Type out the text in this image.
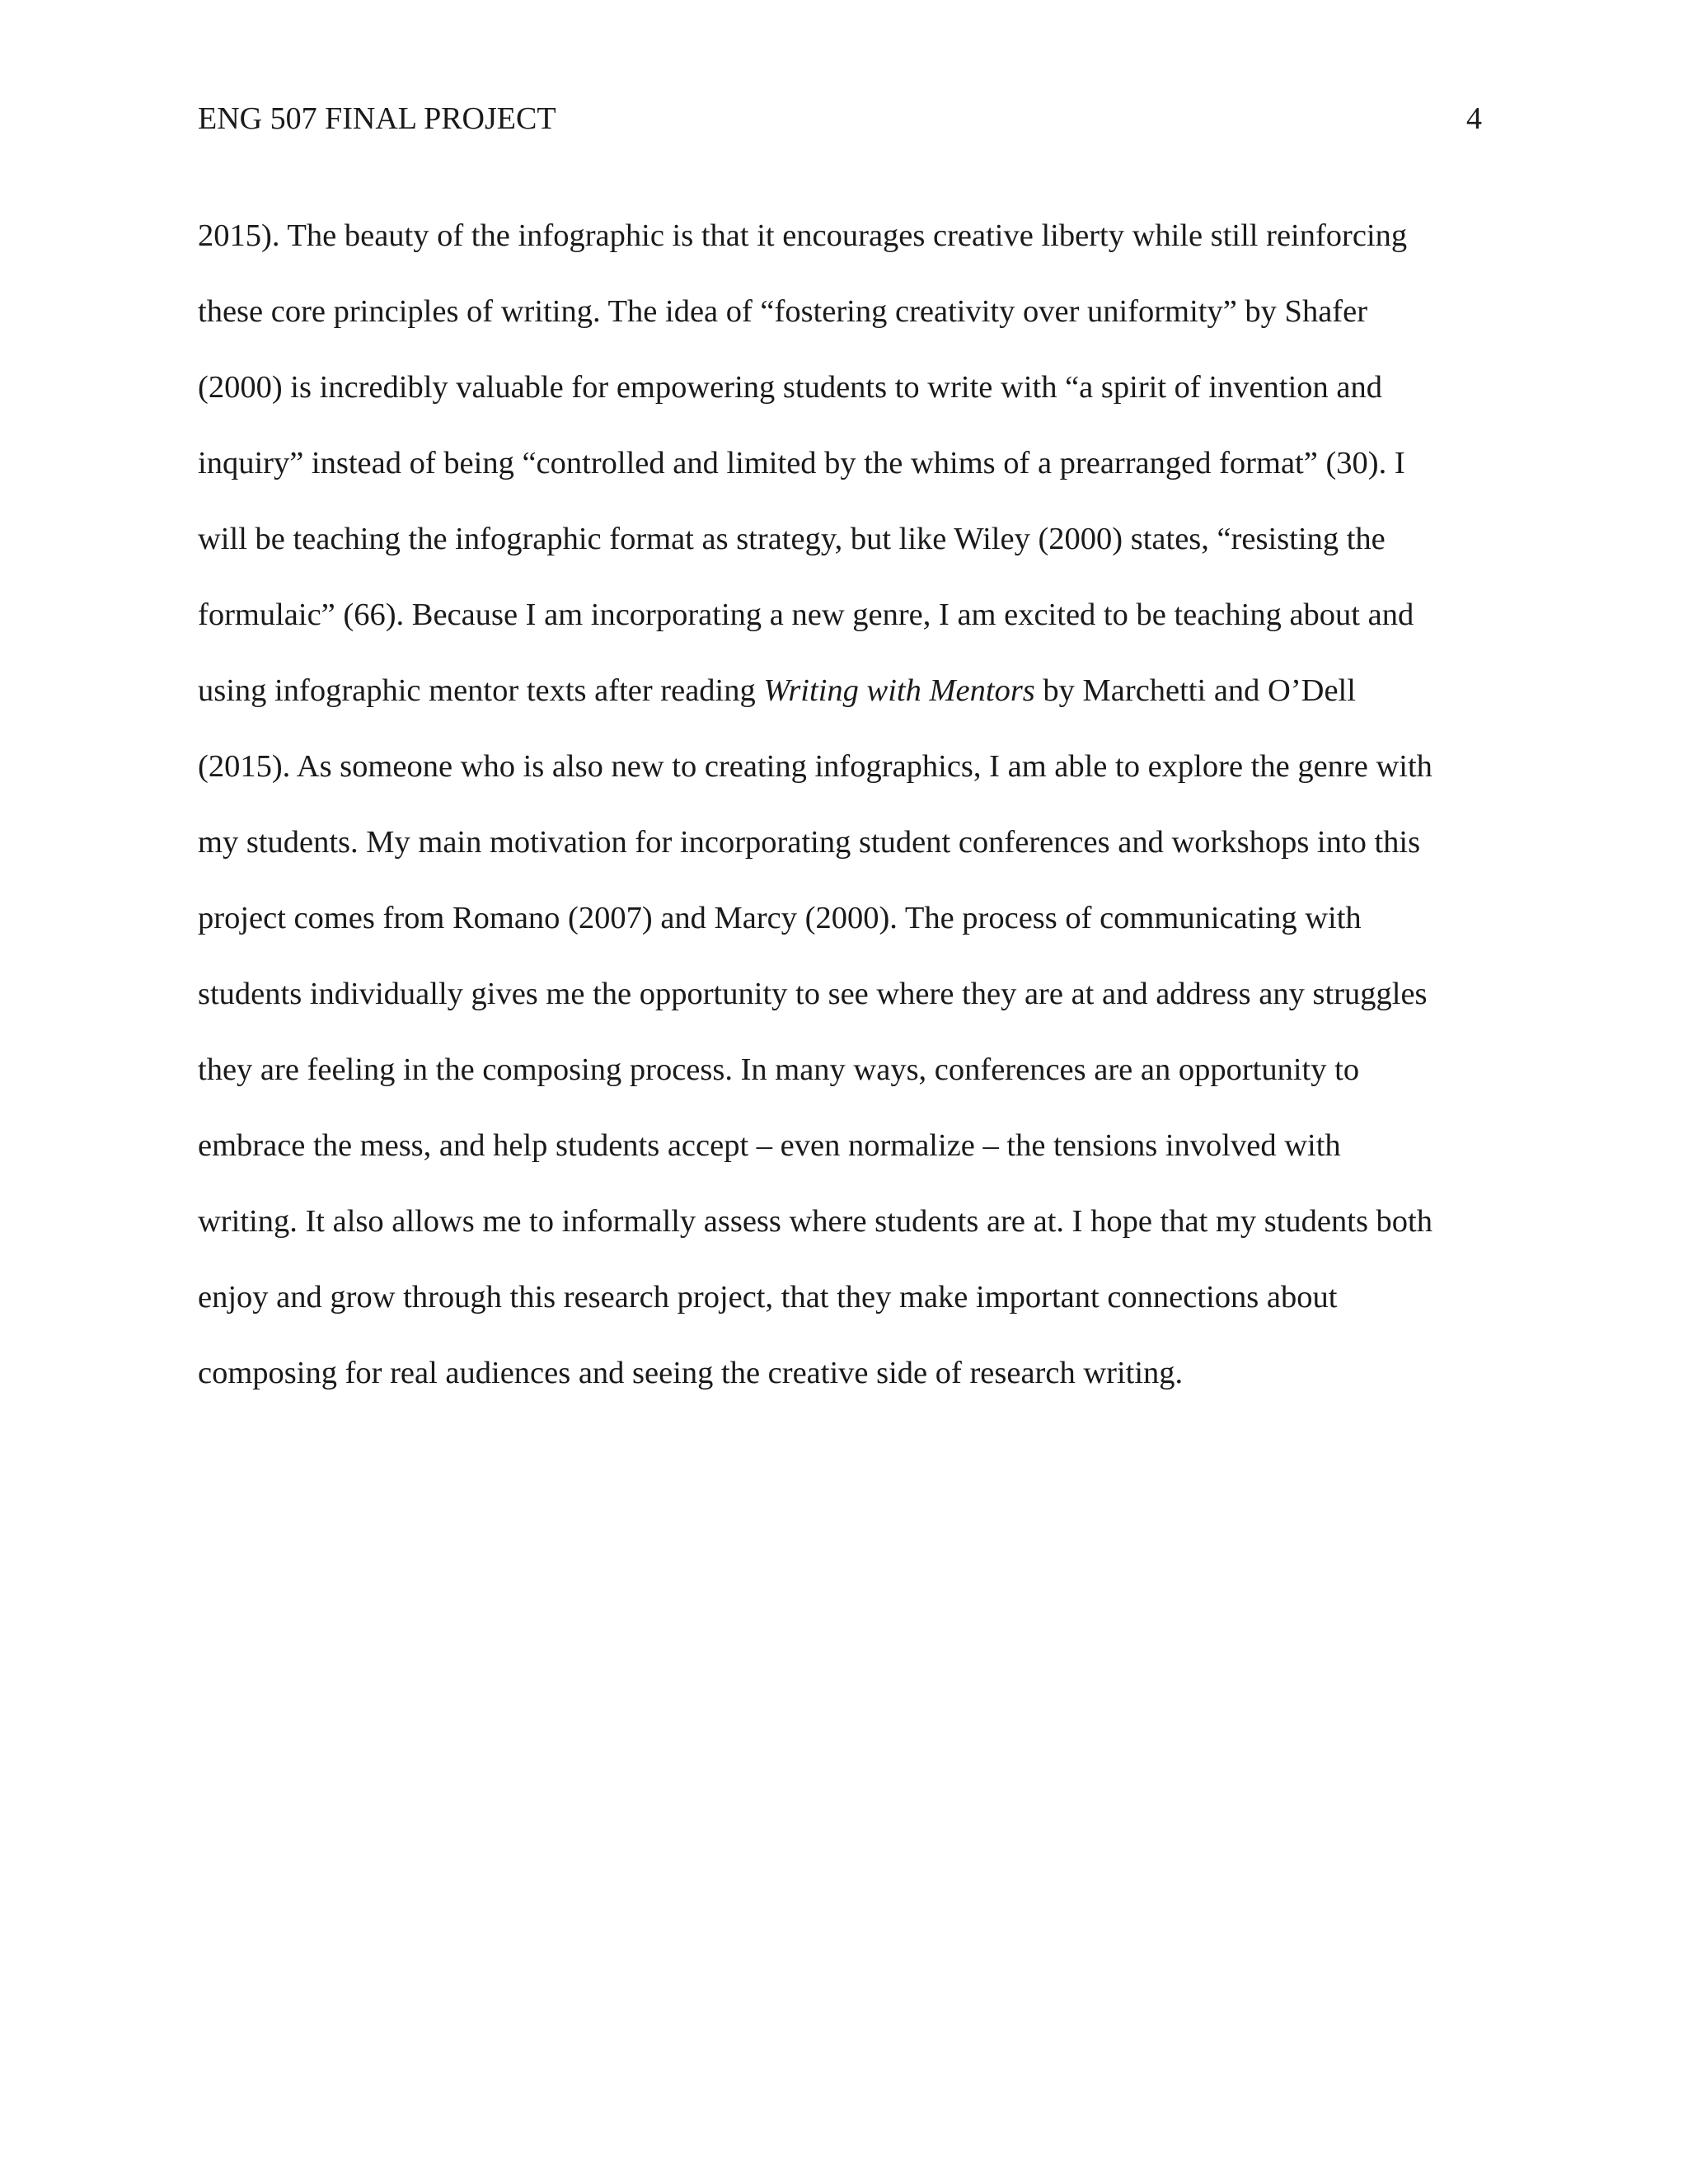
ENG 507 FINAL PROJECT	4
2015). The beauty of the infographic is that it encourages creative liberty while still reinforcing
these core principles of writing. The idea of “fostering creativity over uniformity” by Shafer
(2000) is incredibly valuable for empowering students to write with “a spirit of invention and
inquiry” instead of being “controlled and limited by the whims of a prearranged format” (30). I
will be teaching the infographic format as strategy, but like Wiley (2000) states, “resisting the
formulaic” (66). Because I am incorporating a new genre, I am excited to be teaching about and
using infographic mentor texts after reading Writing with Mentors by Marchetti and O’Dell
(2015). As someone who is also new to creating infographics, I am able to explore the genre with
my students. My main motivation for incorporating student conferences and workshops into this
project comes from Romano (2007) and Marcy (2000). The process of communicating with
students individually gives me the opportunity to see where they are at and address any struggles
they are feeling in the composing process. In many ways, conferences are an opportunity to
embrace the mess, and help students accept – even normalize – the tensions involved with
writing. It also allows me to informally assess where students are at. I hope that my students both
enjoy and grow through this research project, that they make important connections about
composing for real audiences and seeing the creative side of research writing.
